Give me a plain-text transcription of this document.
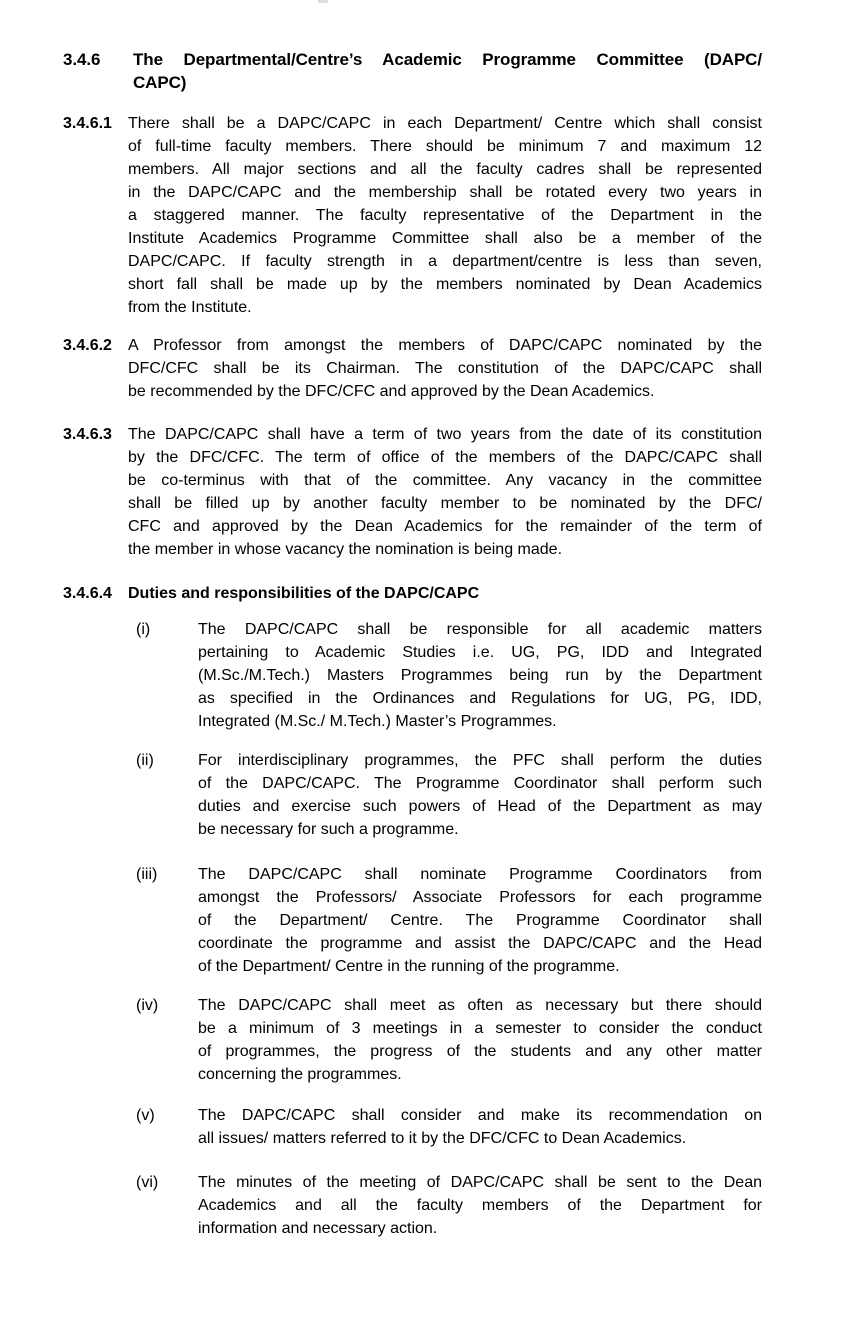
3.4.6	The Departmental/Centre’s Academic Programme Committee (DAPC/
CAPC)
3.4.6.1	There shall be a DAPC/CAPC in each Department/ Centre which shall consist
of full-time faculty members. There should be minimum 7 and maximum 12
members. All major sections and all the faculty cadres shall be represented
in the DAPC/CAPC and the membership shall be rotated every two years in
a staggered manner. The faculty representative of the Department in the
Institute Academics Programme Committee shall also be a member of the
DAPC/CAPC. If faculty strength in a department/centre is less than seven,
short fall shall be made up by the members nominated by Dean Academics
from the Institute.
3.4.6.2	A Professor from amongst the members of DAPC/CAPC nominated by the
DFC/CFC shall be its Chairman. The constitution of the DAPC/CAPC shall
be recommended by the DFC/CFC and approved by the Dean Academics.
3.4.6.3	The DAPC/CAPC shall have a term of two years from the date of its constitution
by the DFC/CFC. The term of office of the members of the DAPC/CAPC shall
be co-terminus with that of the committee. Any vacancy in the committee
shall be filled up by another faculty member to be nominated by the DFC/
CFC and approved by the Dean Academics for the remainder of the term of
the member in whose vacancy the nomination is being made.
3.4.6.4	Duties and responsibilities of the DAPC/CAPC
(i)	The DAPC/CAPC shall be responsible for all academic matters
pertaining to Academic Studies i.e. UG, PG, IDD and Integrated
(M.Sc./M.Tech.) Masters Programmes being run by the Department
as specified in the Ordinances and Regulations for UG, PG, IDD,
Integrated (M.Sc./ M.Tech.) Master’s Programmes.
(ii)	For interdisciplinary programmes, the PFC shall perform the duties
of the DAPC/CAPC. The Programme Coordinator shall perform such
duties and exercise such powers of Head of the Department as may
be necessary for such a programme.
(iii)	The DAPC/CAPC shall nominate Programme Coordinators from
amongst the Professors/ Associate Professors for each programme
of the Department/ Centre. The Programme Coordinator shall
coordinate the programme and assist the DAPC/CAPC and the Head
of the Department/ Centre in the running of the programme.
(iv)	The DAPC/CAPC shall meet as often as necessary but there should
be a minimum of 3 meetings in a semester to consider the conduct
of programmes, the progress of the students and any other matter
concerning the programmes.
(v)	The DAPC/CAPC shall consider and make its recommendation on
all issues/ matters referred to it by the DFC/CFC to Dean Academics.
(vi)	The minutes of the meeting of DAPC/CAPC shall be sent to the Dean
Academics and all the faculty members of the Department for
information and necessary action.
